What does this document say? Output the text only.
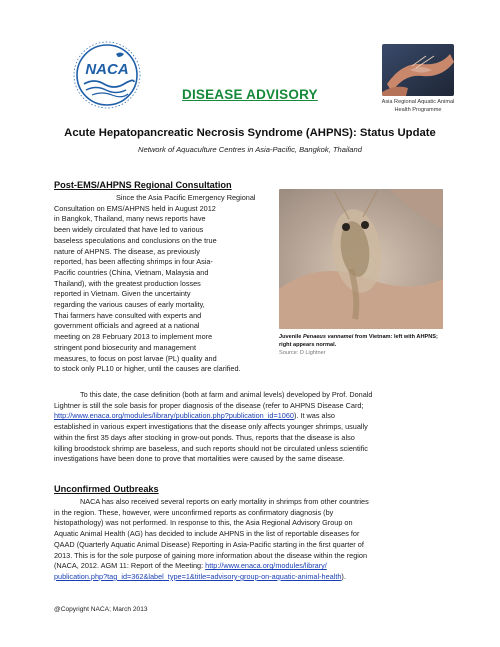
NACA
DISEASE ADVISORY	Asia Regional Aquatic Animal
Health Programme
Acute Hepatopancreatic Necrosis Syndrome (AHPNS): Status Update
Network of Aquaculture Centres in Asia-Pacific, Bangkok, Thailand
Post-EMS/AHPNS Regional Consultation
Since the Asia Pacific Emergency Regional
Consultation on EMS/AHPNS held in August 2012
in Bangkok, Thailand, many news reports have
been widely circulated that have led to various
baseless speculations and conclusions on the true
nature of AHPNS. The disease, as previously
reported, has been affecting shrimps in four Asia-
Pacific countries (China, Vietnam, Malaysia and
Thailand), with the greatest production losses
reported in Vietnam. Given the uncertainty
regarding the various causes of early mortality,
Thai farmers have consulted with experts and
government officials and agreed at a national
meeting on 28 February 2013 to implement more
stringent pond biosecurity and management
measures, to focus on post larvae (PL) quality and
to stock only PL10 or higher, until the causes are clarified.
Juvenile Penaeus vannamei from Vietnam: left with AHPNS;
right appears normal.
Source: D Lightner
To this date, the case definition (both at farm and animal levels) developed by Prof. Donald
Lightner is still the sole basis for proper diagnosis of the disease (refer to AHPNS Disease Card;
http://www.enaca.org/modules/library/publication.php?publication_id=1060). It was also
established in various expert investigations that the disease only affects younger shrimps, usually
within the first 35 days after stocking in grow-out ponds. Thus, reports that the disease is also
killing broodstock shrimp are baseless, and such reports should not be circulated unless scientific
investigations have been done to prove that mortalities were caused by the same disease.
Unconfirmed Outbreaks
NACA has also received several reports on early mortality in shrimps from other countries
in the region. These, however, were unconfirmed reports as confirmatory diagnosis (by
histopathology) was not performed. In response to this, the Asia Regional Advisory Group on
Aquatic Animal Health (AG) has decided to include AHPNS in the list of reportable diseases for
QAAD (Quarterly Aquatic Animal Disease) Reporting in Asia-Pacific starting in the first quarter of
2013. This is for the sole purpose of gaining more information about the disease within the region
(NACA, 2012. AGM 11: Report of the Meeting: http://www.enaca.org/modules/library/
publication.php?tag_id=362&label_type=1&title=advisory-group-on-aquatic-animal-health).
@Copyright NACA; March 2013
